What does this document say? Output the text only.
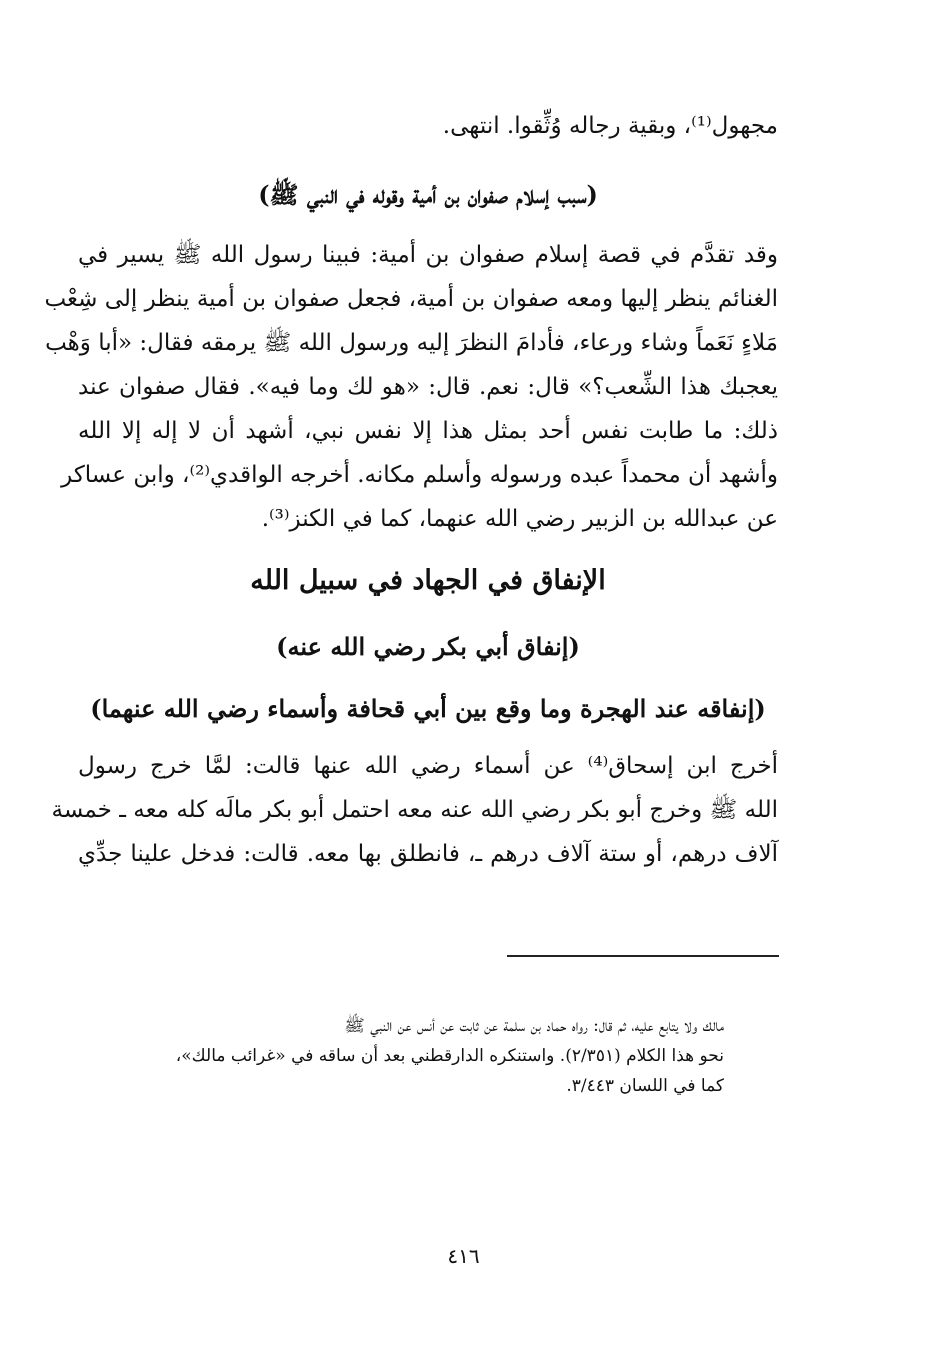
مجهول⁽¹⁾، وبقية رجاله وُثِّقوا. انتهى.
(سبب إسلام صفوان بن أمية وقوله في النبي ﷺ)
وقد تقدَّم في قصة إسلام صفوان بن أمية: فبينا رسول الله ﷺ يسير في
الغنائم ينظر إليها ومعه صفوان بن أمية، فجعل صفوان بن أمية ينظر إلى شِعْب
مَلاءٍ نَعَماً وشاء ورعاء، فأدامَ النظرَ إليه ورسول الله ﷺ يرمقه فقال: «أبا وَهْب
يعجبك هذا الشِّعب؟» قال: نعم. قال: «هو لك وما فيه». فقال صفوان عند
ذلك: ما طابت نفس أحد بمثل هذا إلا نفس نبي، أشهد أن لا إله إلا الله
وأشهد أن محمداً عبده ورسوله وأسلم مكانه. أخرجه الواقدي⁽²⁾، وابن عساكر
عن عبدالله بن الزبير رضي الله عنهما، كما في الكنز⁽³⁾.
الإنفاق في الجهاد في سبيل الله
(إنفاق أبي بكر رضي الله عنه)
(إنفاقه عند الهجرة وما وقع بين أبي قحافة وأسماء رضي الله عنهما)
أخرج ابن إسحاق⁽⁴⁾ عن أسماء رضي الله عنها قالت: لمَّا خرج رسول
الله ﷺ وخرج أبو بكر رضي الله عنه معه احتمل أبو بكر مالَه كله معه ـ خمسة
آلاف درهم، أو ستة آلاف درهم ـ، فانطلق بها معه. قالت: فدخل علينا جدِّي
مالك ولا يتابع عليه، ثم قال: رواه حماد بن سلمة عن ثابت عن أنس عن النبي ﷺ
نحو هذا الكلام (٢/٣٥١). واستنكره الدارقطني بعد أن ساقه في «غرائب مالك»،
كما في اللسان ٣/٤٤٣.
٤١٦
